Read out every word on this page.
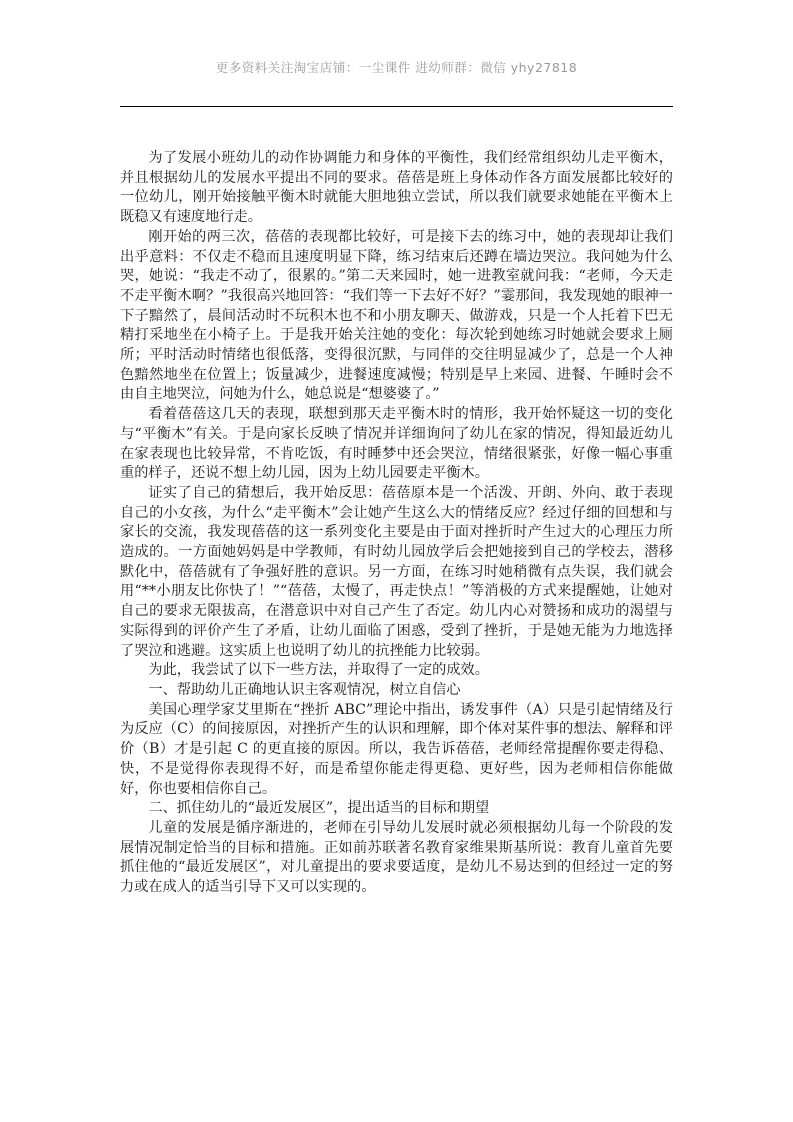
更多资料关注淘宝店铺：一尘课件 进幼师群：微信 yhy27818

为了发展小班幼儿的动作协调能力和身体的平衡性，我们经常组织幼儿走平衡木，并且根据幼儿的发展水平提出不同的要求。蓓蓓是班上身体动作各方面发展都比较好的一位幼儿，刚开始接触平衡木时就能大胆地独立尝试，所以我们就要求她能在平衡木上既稳又有速度地行走。

刚开始的两三次，蓓蓓的表现都比较好，可是接下去的练习中，她的表现却让我们出乎意料：不仅走不稳而且速度明显下降，练习结束后还蹲在墙边哭泣。我问她为什么哭，她说：“我走不动了，很累的。”第二天来园时，她一进教室就问我：“老师，今天走不走平衡木啊？”我很高兴地回答：“我们等一下去好不好？”霎那间，我发现她的眼神一下子黯然了，晨间活动时不玩积木也不和小朋友聊天、做游戏，只是一个人托着下巴无精打采地坐在小椅子上。于是我开始关注她的变化：每次轮到她练习时她就会要求上厕所；平时活动时情绪也很低落，变得很沉默，与同伴的交往明显减少了，总是一个人神色黯然地坐在位置上；饭量减少，进餐速度减慢；特别是早上来园、进餐、午睡时会不由自主地哭泣，问她为什么，她总说是“想婆婆了。”

看着蓓蓓这几天的表现，联想到那天走平衡木时的情形，我开始怀疑这一切的变化与“平衡木”有关。于是向家长反映了情况并详细询问了幼儿在家的情况，得知最近幼儿在家表现也比较异常，不肯吃饭，有时睡梦中还会哭泣，情绪很紧张，好像一幅心事重重的样子，还说不想上幼儿园，因为上幼儿园要走平衡木。

证实了自己的猜想后，我开始反思：蓓蓓原本是一个活泼、开朗、外向、敢于表现自己的小女孩，为什么“走平衡木”会让她产生这么大的情绪反应？经过仔细的回想和与家长的交流，我发现蓓蓓的这一系列变化主要是由于面对挫折时产生过大的心理压力所造成的。一方面她妈妈是中学教师，有时幼儿园放学后会把她接到自己的学校去，潜移默化中，蓓蓓就有了争强好胜的意识。另一方面，在练习时她稍微有点失误，我们就会用“**小朋友比你快了！”“蓓蓓，太慢了，再走快点！”等消极的方式来提醒她，让她对自己的要求无限拔高，在潜意识中对自己产生了否定。幼儿内心对赞扬和成功的渴望与实际得到的评价产生了矛盾，让幼儿面临了困惑，受到了挫折，于是她无能为力地选择了哭泣和逃避。这实质上也说明了幼儿的抗挫能力比较弱。

为此，我尝试了以下一些方法，并取得了一定的成效。

一、帮助幼儿正确地认识主客观情况，树立自信心

美国心理学家艾里斯在“挫折 ABC”理论中指出，诱发事件（A）只是引起情绪及行为反应（C）的间接原因，对挫折产生的认识和理解，即个体对某件事的想法、解释和评价（B）才是引起 C 的更直接的原因。所以，我告诉蓓蓓，老师经常提醒你要走得稳、快，不是觉得你表现得不好，而是希望你能走得更稳、更好些，因为老师相信你能做好，你也要相信你自己。

二、抓住幼儿的“最近发展区”，提出适当的目标和期望

儿童的发展是循序渐进的，老师在引导幼儿发展时就必须根据幼儿每一个阶段的发展情况制定恰当的目标和措施。正如前苏联著名教育家维果斯基所说：教育儿童首先要抓住他的“最近发展区”，对儿童提出的要求要适度，是幼儿不易达到的但经过一定的努力或在成人的适当引导下又可以实现的。
